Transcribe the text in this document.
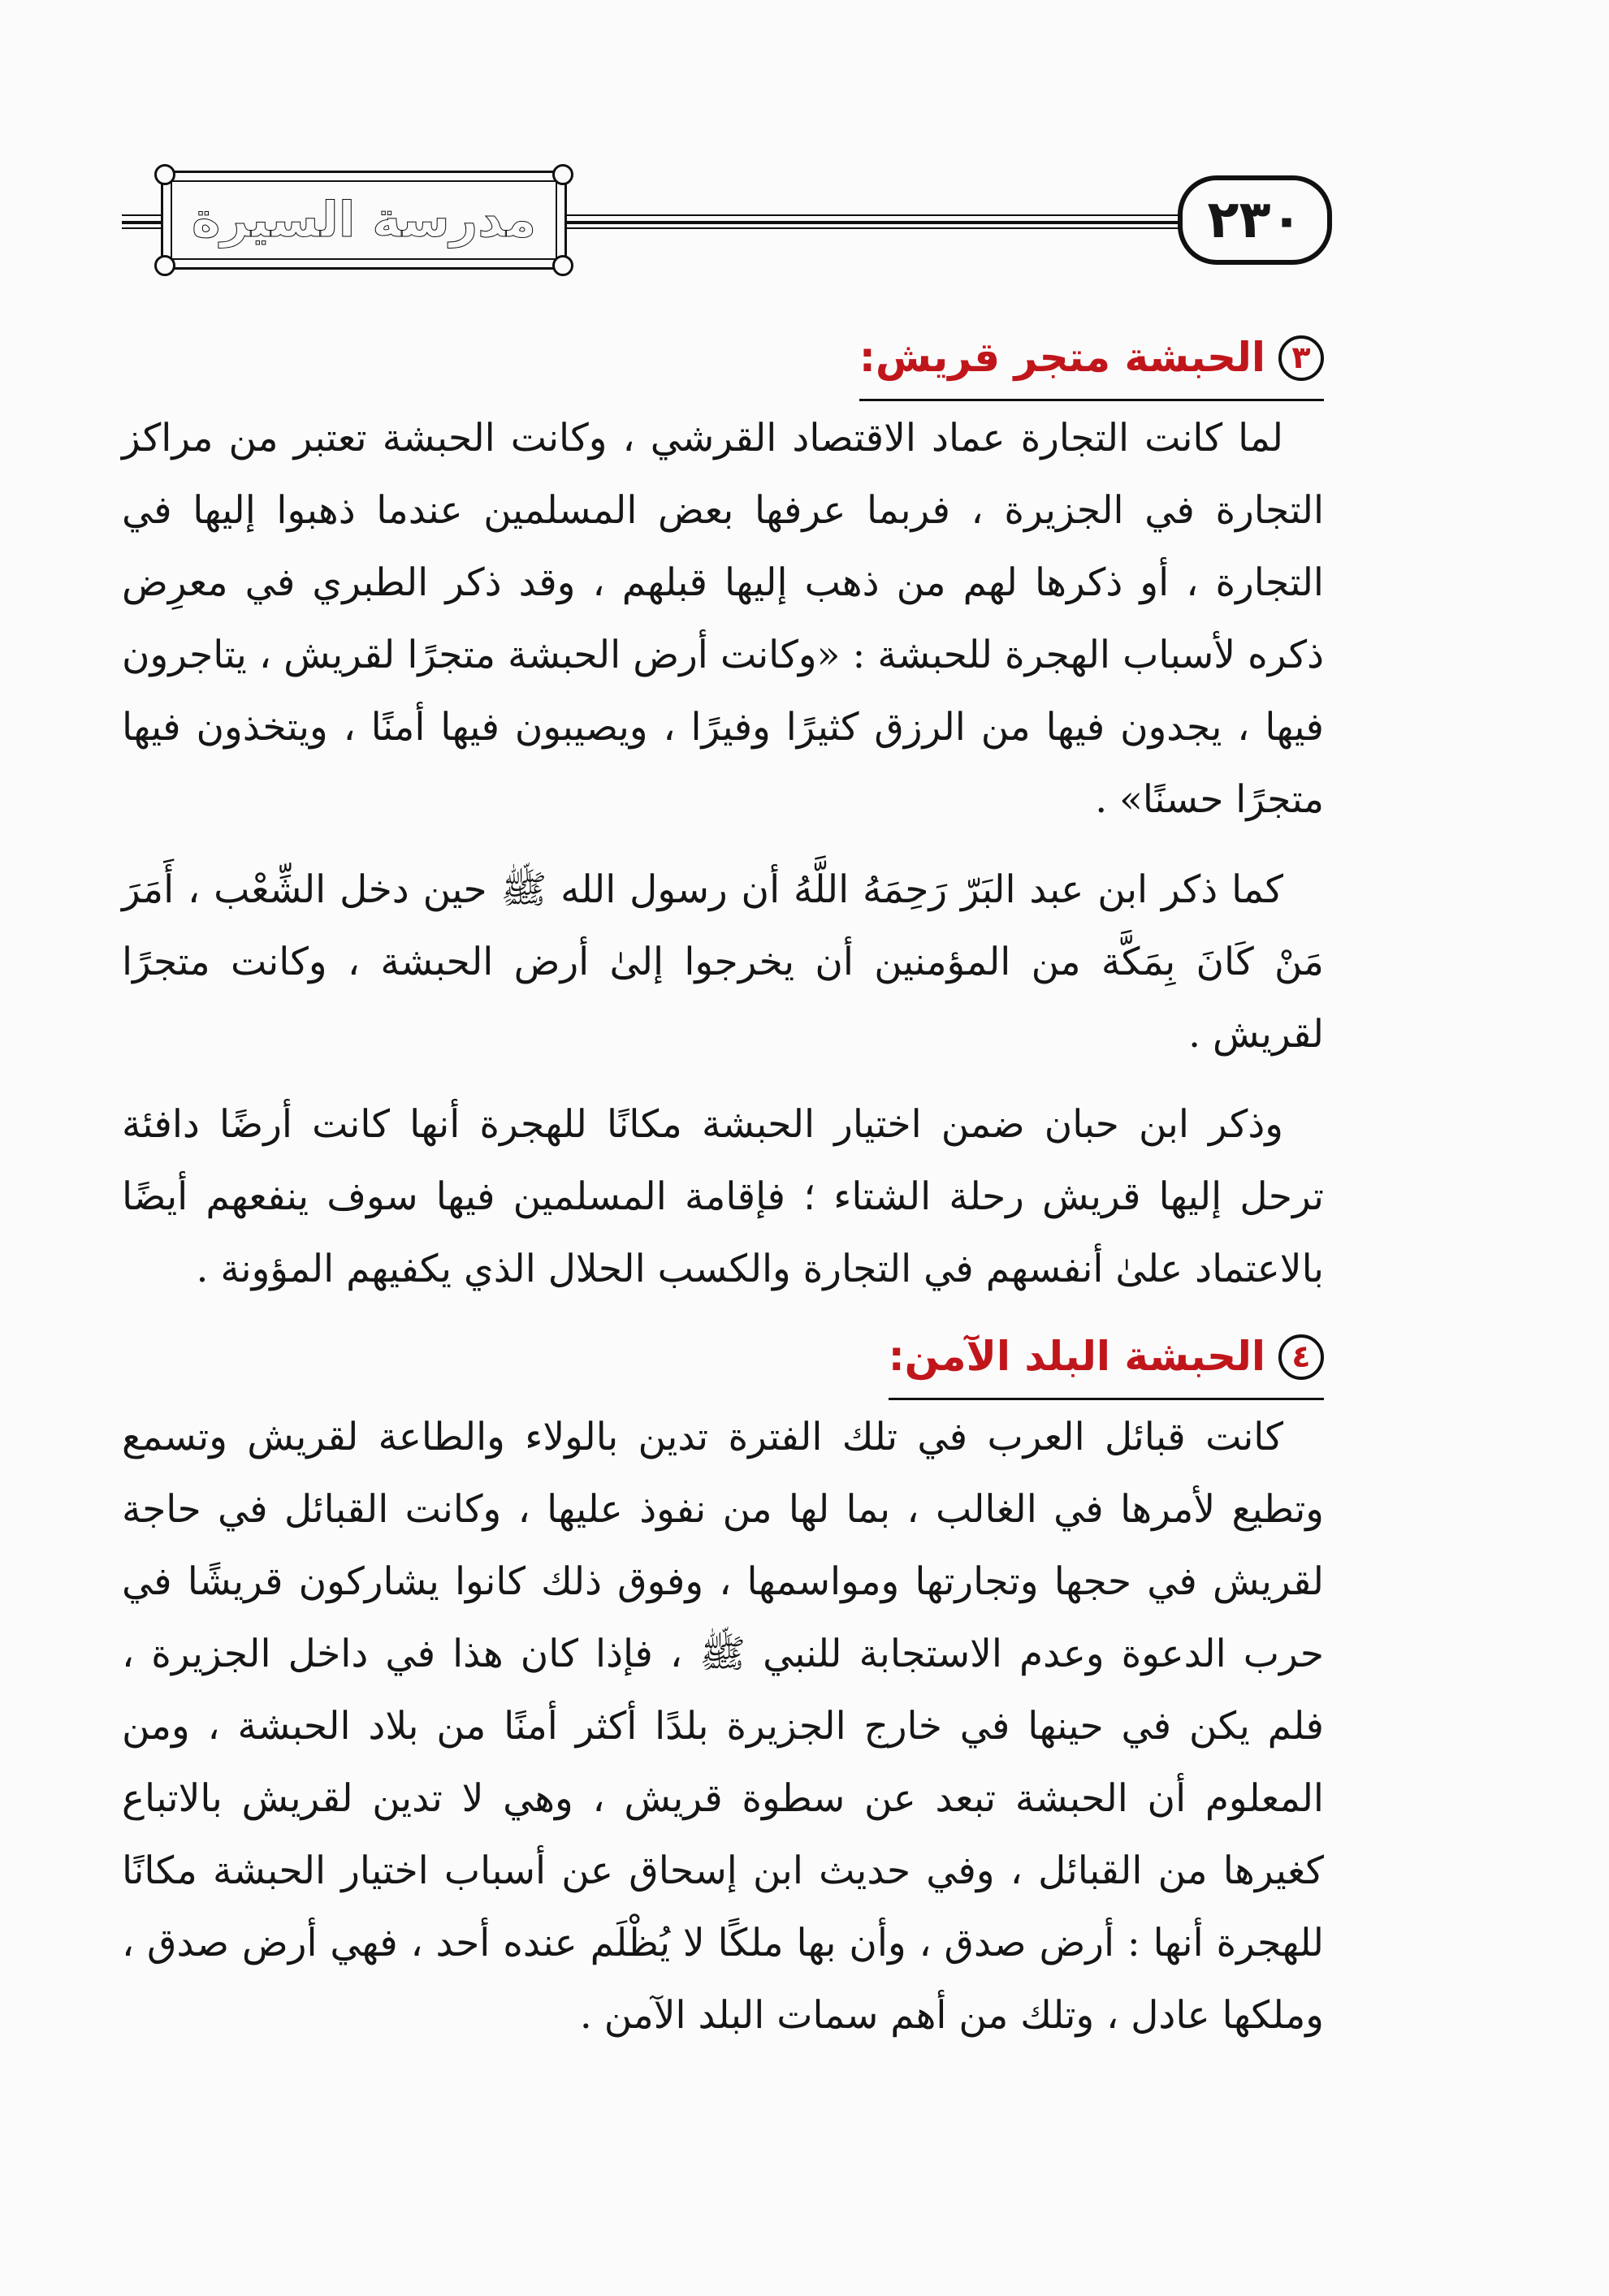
مدرسة السيرة	٢٣٠
٣
الحبشة متجر قريش:

لما كانت التجارة عماد الاقتصاد القرشي ، وكانت الحبشة تعتبر من مراكز التجارة في الجزيرة ، فربما عرفها بعض المسلمين عندما ذهبوا إليها في التجارة ، أو ذكرها لهم من ذهب إليها قبلهم ، وقد ذكر الطبري في معرِض ذكره لأسباب الهجرة للحبشة : «وكانت أرض الحبشة متجرًا لقريش ، يتاجرون فيها ، يجدون فيها من الرزق كثيرًا وفيرًا ، ويصيبون فيها أمنًا ، ويتخذون فيها متجرًا حسنًا» .

كما ذكر ابن عبد البَرّ رَحِمَهُ اللَّهُ أن رسول الله ﷺ حين دخل الشِّعْب ، أَمَرَ مَنْ كَانَ بِمَكَّة من المؤمنين أن يخرجوا إلىٰ أرض الحبشة ، وكانت متجرًا لقريش .

وذكر ابن حبان ضمن اختيار الحبشة مكانًا للهجرة أنها كانت أرضًا دافئة ترحل إليها قريش رحلة الشتاء ؛ فإقامة المسلمين فيها سوف ينفعهم أيضًا بالاعتماد علىٰ أنفسهم في التجارة والكسب الحلال الذي يكفيهم المؤونة .

٤
الحبشة البلد الآمن:

كانت قبائل العرب في تلك الفترة تدين بالولاء والطاعة لقريش وتسمع وتطيع لأمرها في الغالب ، بما لها من نفوذ عليها ، وكانت القبائل في حاجة لقريش في حجها وتجارتها ومواسمها ، وفوق ذلك كانوا يشاركون قريشًا في حرب الدعوة وعدم الاستجابة للنبي ﷺ ، فإذا كان هذا في داخل الجزيرة ، فلم يكن في حينها في خارج الجزيرة بلدًا أكثر أمنًا من بلاد الحبشة ، ومن المعلوم أن الحبشة تبعد عن سطوة قريش ، وهي لا تدين لقريش بالاتباع كغيرها من القبائل ، وفي حديث ابن إسحاق عن أسباب اختيار الحبشة مكانًا للهجرة أنها : أرض صدق ، وأن بها ملكًا لا يُظْلَم عنده أحد ، فهي أرض صدق ، وملكها عادل ، وتلك من أهم سمات البلد الآمن .
